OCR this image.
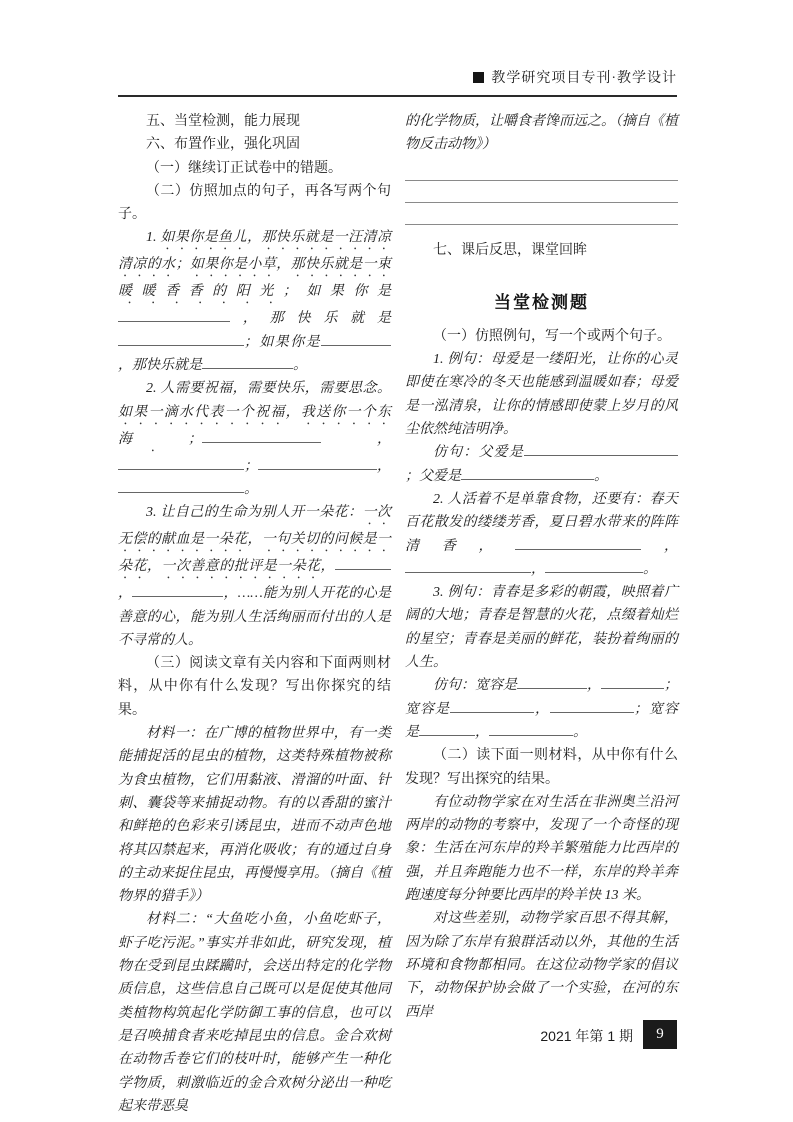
教学研究项目专刊·教学设计

五、当堂检测，能力展现

六、布置作业，强化巩固

（一）继续订正试卷中的错题。

（二）仿照加点的句子，再各写两个句子。

1. 如果你是鱼儿，那快乐就是一汪清凉清凉的水；如果你是小草，那快乐就是一束暖暖香香的阳光；如果你是，那快乐就是；如果你是，那快乐就是	。

2. 人需要祝福，需要快乐，需要思念。如果一滴水代表一个祝福，我送你一个东海；	，；	，。

3. 让自己的生命为别人开一朵花：一次无偿的献血是一朵花，一句关切的问候是一朵花，一次善意的批评是一朵花，，	，……能为别人开花的心是善意的心，能为别人生活绚丽而付出的人是不寻常的人。

（三）阅读文章有关内容和下面两则材料，从中你有什么发现？写出你探究的结果。

材料一：在广博的植物世界中，有一类能捕捉活的昆虫的植物，这类特殊植物被称为食虫植物，它们用黏液、滑溜的叶面、针刺、囊袋等来捕捉动物。有的以香甜的蜜汁和鲜艳的色彩来引诱昆虫，进而不动声色地将其囚禁起来，再消化吸收；有的通过自身的主动来捉住昆虫，再慢慢享用。（摘自《植物界的猎手》）

材料二：“大鱼吃小鱼，小鱼吃虾子，虾子吃污泥。”事实并非如此，研究发现，植物在受到昆虫蹂躏时，会送出特定的化学物质信息，这些信息自己既可以是促使其他同类植物构筑起化学防御工事的信息，也可以是召唤捕食者来吃掉昆虫的信息。金合欢树在动物舌卷它们的枝叶时，能够产生一种化学物质，刺激临近的金合欢树分泌出一种吃起来带恶臭

的化学物质，让嚼食者馋而远之。（摘自《植物反击动物》）

七、课后反思，课堂回眸

当堂检测题

（一）仿照例句，写一个或两个句子。

1. 例句：母爱是一缕阳光，让你的心灵即使在寒冷的冬天也能感到温暖如春；母爱是一泓清泉，让你的情感即使蒙上岁月的风尘依然纯洁明净。

仿句：父爱是；父爱是	。

2. 人活着不是单靠食物，还要有：春天百花散发的缕缕芳香，夏日碧水带来的阵阵清香，	，，	。

3. 例句：青春是多彩的朝霞，映照着广阔的大地；青春是智慧的火花，点缀着灿烂的星空；青春是美丽的鲜花，装扮着绚丽的人生。

仿句：宽容是	，	；宽容是	，	；宽容是	，	。

（二）读下面一则材料，从中你有什么发现？写出探究的结果。

有位动物学家在对生活在非洲奥兰沿河两岸的动物的考察中，发现了一个奇怪的现象：生活在河东岸的羚羊繁殖能力比西岸的强，并且奔跑能力也不一样，东岸的羚羊奔跑速度每分钟要比西岸的羚羊快 13 米。

对这些差别，动物学家百思不得其解，因为除了东岸有狼群活动以外，其他的生活环境和食物都相同。在这位动物学家的倡议下，动物保护协会做了一个实验，在河的东西岸

2021 年第 1 期	9
